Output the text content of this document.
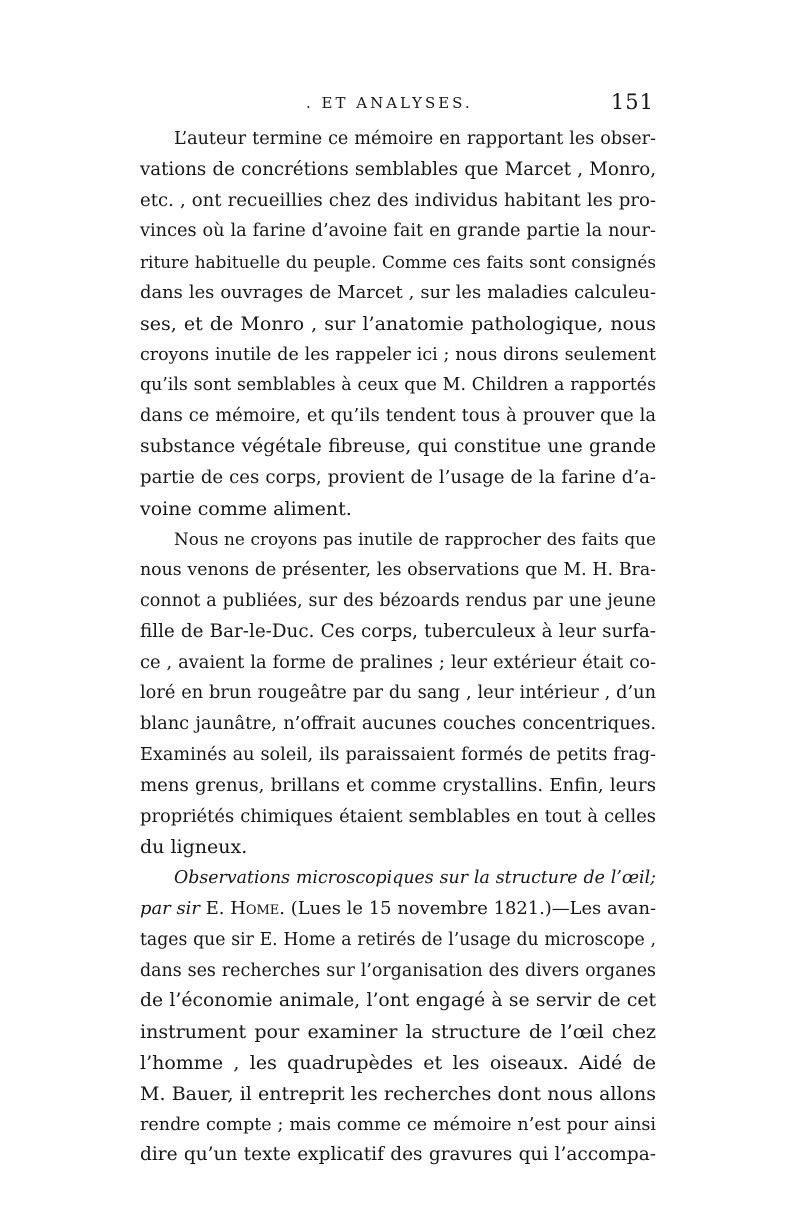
. ET ANALYSES.	151
L’auteur termine ce mémoire en rapportant les obser-
vations de concrétions semblables que Marcet , Monro,
etc. , ont recueillies chez des individus habitant les pro-
vinces où la farine d’avoine fait en grande partie la nour-
riture habituelle du peuple. Comme ces faits sont consignés
dans les ouvrages de Marcet , sur les maladies calculeu-
ses, et de Monro , sur l’anatomie pathologique, nous
croyons inutile de les rappeler ici ; nous dirons seulement
qu’ils sont semblables à ceux que M. Children a rapportés
dans ce mémoire, et qu’ils tendent tous à prouver que la
substance végétale fibreuse, qui constitue une grande
partie de ces corps, provient de l’usage de la farine d’a-
voine comme aliment.
Nous ne croyons pas inutile de rapprocher des faits que
nous venons de présenter, les observations que M. H. Bra-
connot a publiées, sur des bézoards rendus par une jeune
fille de Bar-le-Duc. Ces corps, tuberculeux à leur surfa-
ce , avaient la forme de pralines ; leur extérieur était co-
loré en brun rougeâtre par du sang , leur intérieur , d’un
blanc jaunâtre, n’offrait aucunes couches concentriques.
Examinés au soleil, ils paraissaient formés de petits frag-
mens grenus, brillans et comme crystallins. Enfin, leurs
propriétés chimiques étaient semblables en tout à celles
du ligneux.
Observations microscopiques sur la structure de l’œil;
par sir E. Home. (Lues le 15 novembre 1821.)—Les avan-
tages que sir E. Home a retirés de l’usage du microscope ,
dans ses recherches sur l’organisation des divers organes
de l’économie animale, l’ont engagé à se servir de cet
instrument pour examiner la structure de l’œil chez
l’homme , les quadrupèdes et les oiseaux. Aidé de
M. Bauer, il entreprit les recherches dont nous allons
rendre compte ; mais comme ce mémoire n’est pour ainsi
dire qu’un texte explicatif des gravures qui l’accompa-
